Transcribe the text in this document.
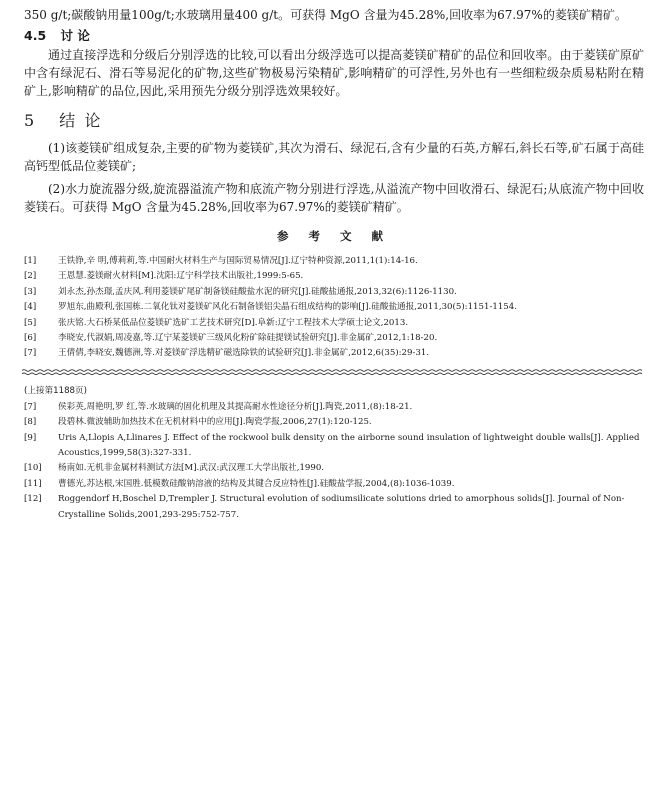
350 g/t;碳酸钠用量100g/t;水玻璃用量400 g/t。可获得 MgO 含量为45.28%,回收率为67.97%的菱镁矿精矿。

4.5 讨 论

通过直接浮选和分级后分别浮选的比较,可以看出分级浮选可以提高菱镁矿精矿的品位和回收率。由于菱镁矿原矿中含有绿泥石、滑石等易泥化的矿物,这些矿物极易污染精矿,影响精矿的可浮性,另外也有一些细粒级杂质易粘附在精矿上,影响精矿的品位,因此,采用预先分级分别浮选效果较好。

5 结 论

(1)该菱镁矿组成复杂,主要的矿物为菱镁矿,其次为滑石、绿泥石,含有少量的石英,方解石,斜长石等,矿石属于高硅高钙型低品位菱镁矿;

(2)水力旋流器分级,旋流器溢流产物和底流产物分别进行浮选,从溢流产物中回收滑石、绿泥石;从底流产物中回收菱镁石。可获得 MgO 含量为45.28%,回收率为67.97%的菱镁矿精矿。

参 考 文 献
[1]	王铁铮,辛 明,傅莉莉,等.中国耐火材料生产与国际贸易情况[J].辽宁特种资源,2011,1(1):14-16.
[2]	王恩慧.菱镁耐火材料[M].沈阳:辽宁科学技术出版社,1999:5-65.
[3]	刘永杰,孙杰璟,孟庆风.利用菱镁矿尾矿制备镁硅酸盐水泥的研究[J].硅酸盐通报,2013,32(6):1126-1130.
[4]	罗旭东,曲殿利,张国栋.二氧化钛对菱镁矿风化石制备镁铝尖晶石组成结构的影响[J].硅酸盐通报,2011,30(5):1151-1154.
[5]	张庆铭.大石桥某低品位菱镁矿选矿工艺技术研究[D].阜新:辽宁工程技术大学硕士论文,2013.
[6]	李晓安,代淑娟,周凌嘉,等.辽宁某菱镁矿三级风化粉矿除硅提镁试验研究[J].非金属矿,2012,1:18-20.
[7]	王倩倩,李晓安,魏德洲,等.对菱镁矿浮选精矿磁选除铁的试验研究[J].非金属矿,2012,6(35):29-31.
(上接第1188页)
[7]	侯彩英,周艳明,罗 红,等.水玻璃的固化机理及其提高耐水性途径分析[J].陶瓷,2011,(8):18-21.
[8]	段碧林.微波辅助加热技术在无机材料中的应用[J].陶瓷学报,2006,27(1):120-125.
[9]	Uris A,Llopis A,Llinares J. Effect of the rockwool bulk density on the airborne sound insulation of lightweight double walls[J]. Applied Acoustics,1999,58(3):327-331.
[10]	杨南如.无机非金属材料测试方法[M].武汉:武汉理工大学出版社,1990.
[11]	曹德光,苏达根,宋国胜.低模数硅酸钠溶液的结构及其键合反应特性[J].硅酸盐学报,2004,(8):1036-1039.
[12]	Roggendorf H,Boschel D,Trempler J. Structural evolution of sodiumsilicate solutions dried to amorphous solids[J]. Journal of Non-Crystalline Solids,2001,293-295:752-757.
